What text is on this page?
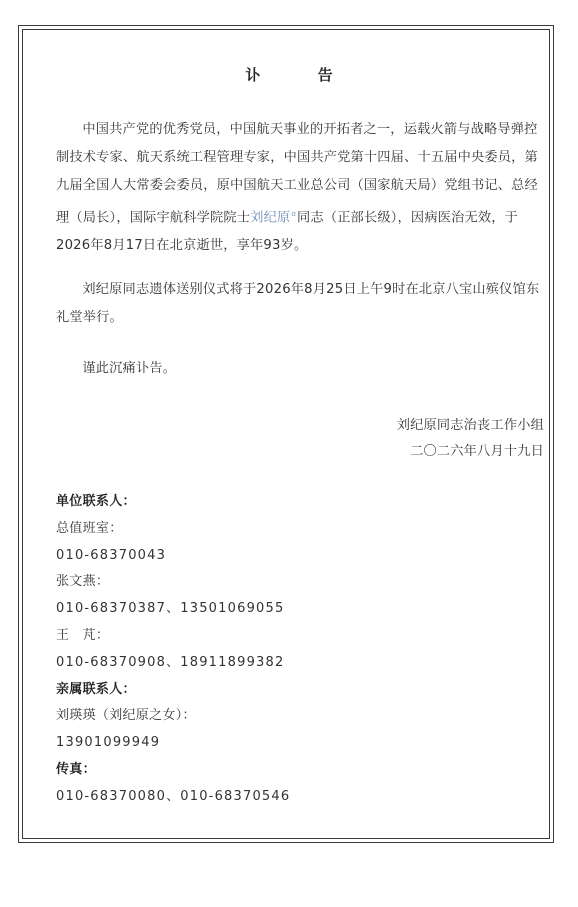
讣 告

中国共产党的优秀党员，中国航天事业的开拓者之一，运载火箭与战略导弹控制技术专家、航天系统工程管理专家，中国共产党第十四届、十五届中央委员，第九届全国人大常委会委员，原中国航天工业总公司（国家航天局）党组书记、总经理（局长），国际宇航科学院院士刘纪原$^ɑ$同志（正部长级），因病医治无效，于2026年8月17日在北京逝世，享年93岁。

刘纪原同志遗体送别仪式将于2026年8月25日上午9时在北京八宝山殡仪馆东礼堂举行。

谨此沉痛讣告。

刘纪原同志治丧工作小组
二〇二六年八月十九日
单位联系人：
总值班室：
010-68370043
张文燕：
010-68370387、13501069055
王　芃：
010-68370908、18911899382
亲属联系人：
刘瑛瑛（刘纪原之女）：
13901099949
传真：
010-68370080、010-68370546
